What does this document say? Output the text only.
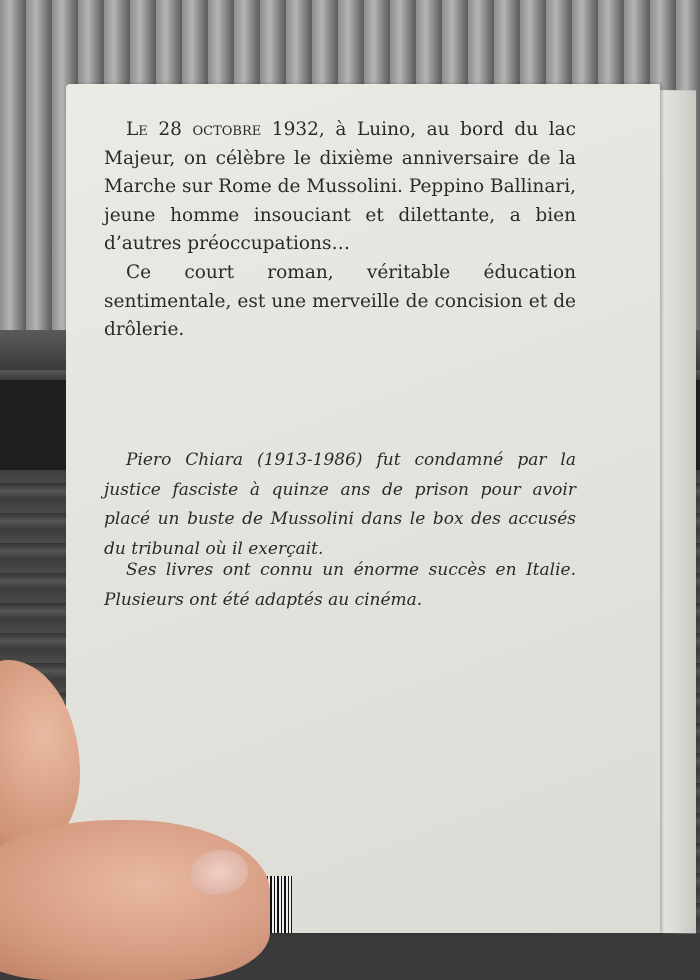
Le 28 octobre 1932, à Luino, au bord du lac Majeur, on célèbre le dixième anniversaire de la Marche sur Rome de Mussolini. Peppino Ballinari, jeune homme insouciant et dilettante, a bien d’autres préoccupations…

Ce court roman, véritable éducation sentimentale, est une merveille de concision et de drôlerie.

Piero Chiara (1913-1986) fut condamné par la justice fasciste à quinze ans de prison pour avoir placé un buste de Mussolini dans le box des accusés du tribunal où il exerçait.

Ses livres ont connu un énorme succès en Italie. Plusieurs ont été adaptés au cinéma.
